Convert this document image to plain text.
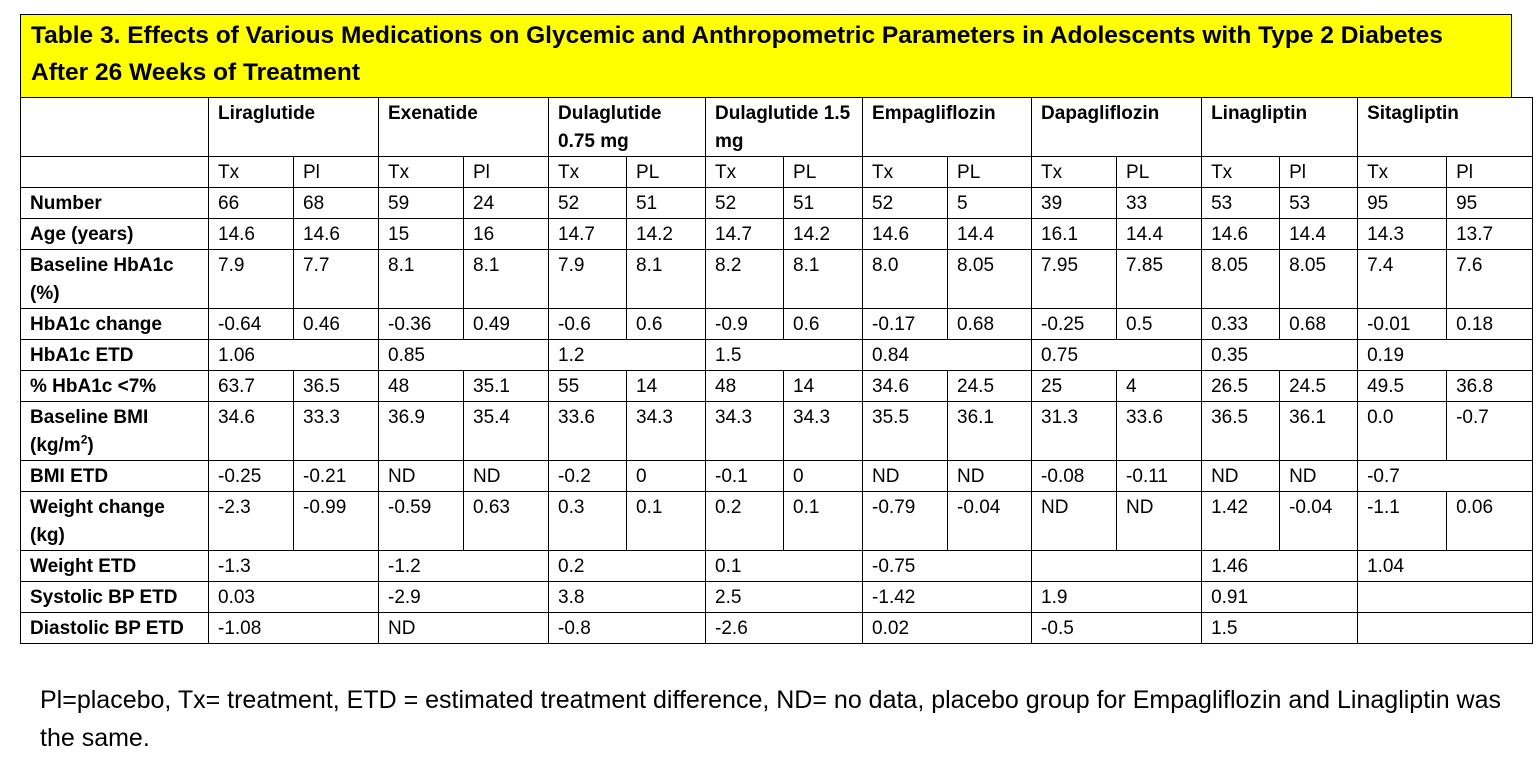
Table 3. Effects of Various Medications on Glycemic and Anthropometric Parameters in Adolescents with Type 2 Diabetes After 26 Weeks of Treatment
	Liraglutide		Exenatide		Dulaglutide 0.75 mg		Dulaglutide 1.5 mg		Empagliflozin		Dapagliflozin		Linagliptin		Sitagliptin	
	Tx	Pl	Tx	Pl	Tx	PL	Tx	PL	Tx	PL	Tx	PL	Tx	Pl	Tx	Pl
Number	66	68	59	24	52	51	52	51	52	5	39	33	53	53	95	95
Age (years)	14.6	14.6	15	16	14.7	14.2	14.7	14.2	14.6	14.4	16.1	14.4	14.6	14.4	14.3	13.7
Baseline HbA1c (%)	7.9	7.7	8.1	8.1	7.9	8.1	8.2	8.1	8.0	8.05	7.95	7.85	8.05	8.05	7.4	7.6
HbA1c change	-0.64	0.46	-0.36	0.49	-0.6	0.6	-0.9	0.6	-0.17	0.68	-0.25	0.5	0.33	0.68	-0.01	0.18
HbA1c ETD	1.06		0.85		1.2		1.5		0.84		0.75		0.35		0.19	
% HbA1c <7%	63.7	36.5	48	35.1	55	14	48	14	34.6	24.5	25	4	26.5	24.5	49.5	36.8
Baseline BMI $(kg/m^2)$	34.6	33.3	36.9	35.4	33.6	34.3	34.3	34.3	35.5	36.1	31.3	33.6	36.5	36.1	0.0	-0.7
BMI ETD	-0.25	-0.21	ND	ND	-0.2	0	-0.1	0	ND	ND	-0.08	-0.11	ND	ND	-0.7	
Weight change (kg)	-2.3	-0.99	-0.59	0.63	0.3	0.1	0.2	0.1	-0.79	-0.04	ND	ND	1.42	-0.04	-1.1	0.06
Weight ETD	-1.3		-1.2		0.2		0.1		-0.75				1.46		1.04	
Systolic BP ETD	0.03		-2.9		3.8		2.5		-1.42		1.9		0.91			
Diastolic BP ETD	-1.08		ND		-0.8		-2.6		0.02		-0.5		1.5			
Pl=placebo, Tx= treatment, ETD = estimated treatment difference, ND= no data, placebo group for Empagliflozin and Linagliptin was the same.
